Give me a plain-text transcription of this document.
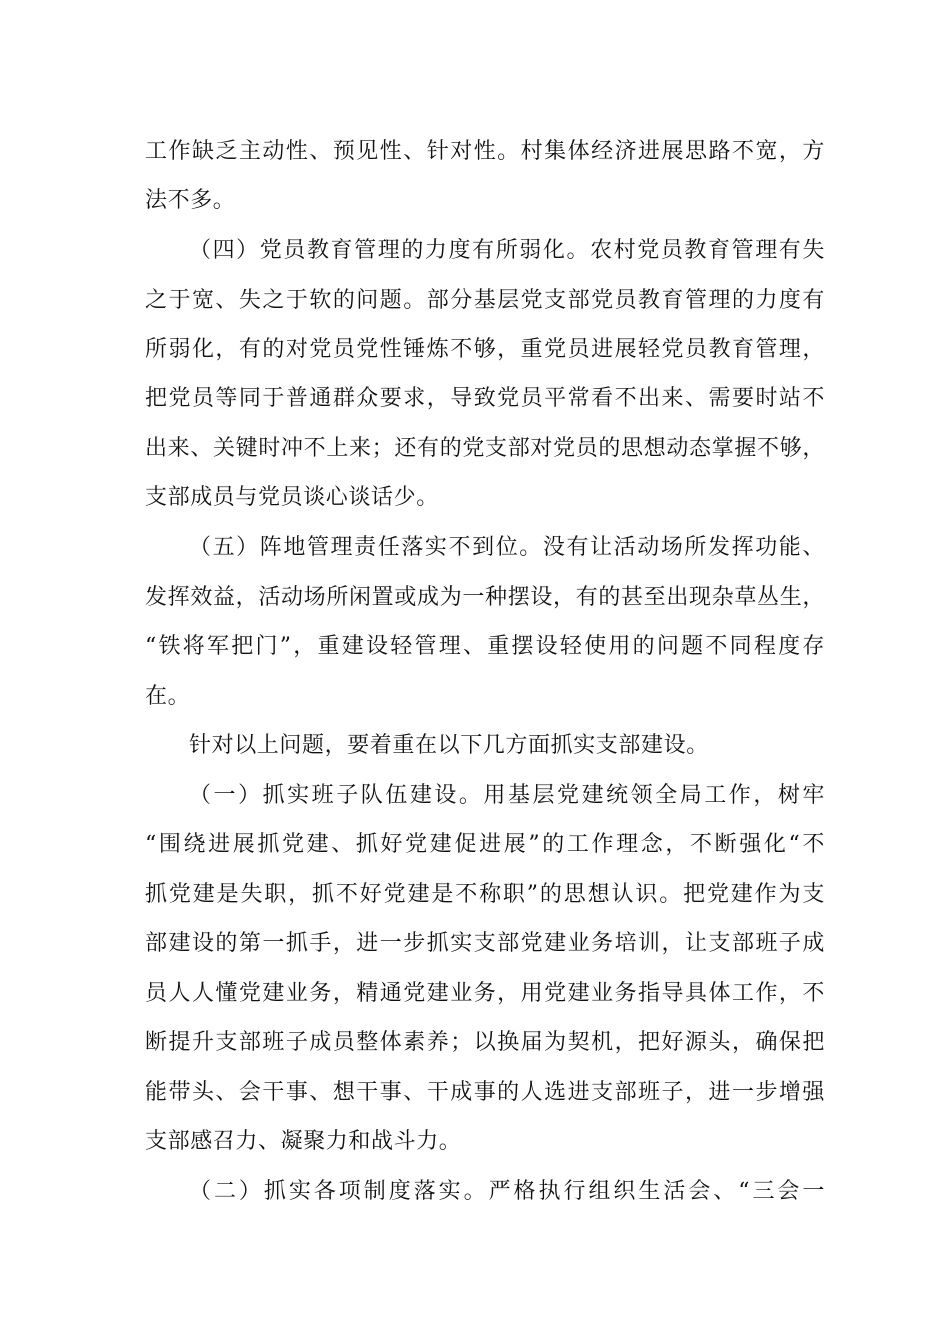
工作缺乏主动性、预见性、针对性。村集体经济进展思路不宽，方
法不多。
（四）党员教育管理的力度有所弱化。农村党员教育管理有失
之于宽、失之于软的问题。部分基层党支部党员教育管理的力度有
所弱化，有的对党员党性锤炼不够，重党员进展轻党员教育管理，
把党员等同于普通群众要求，导致党员平常看不出来、需要时站不
出来、关键时冲不上来；还有的党支部对党员的思想动态掌握不够，
支部成员与党员谈心谈话少。
（五）阵地管理责任落实不到位。没有让活动场所发挥功能、
发挥效益，活动场所闲置或成为一种摆设，有的甚至出现杂草丛生，
“铁将军把门”，重建设轻管理、重摆设轻使用的问题不同程度存
在。
针对以上问题，要着重在以下几方面抓实支部建设。
（一）抓实班子队伍建设。用基层党建统领全局工作，树牢
“围绕进展抓党建、抓好党建促进展”的工作理念，不断强化“不
抓党建是失职，抓不好党建是不称职”的思想认识。把党建作为支
部建设的第一抓手，进一步抓实支部党建业务培训，让支部班子成
员人人懂党建业务，精通党建业务，用党建业务指导具体工作，不
断提升支部班子成员整体素养；以换届为契机，把好源头，确保把
能带头、会干事、想干事、干成事的人选进支部班子，进一步增强
支部感召力、凝聚力和战斗力。
（二）抓实各项制度落实。严格执行组织生活会、“三会一
